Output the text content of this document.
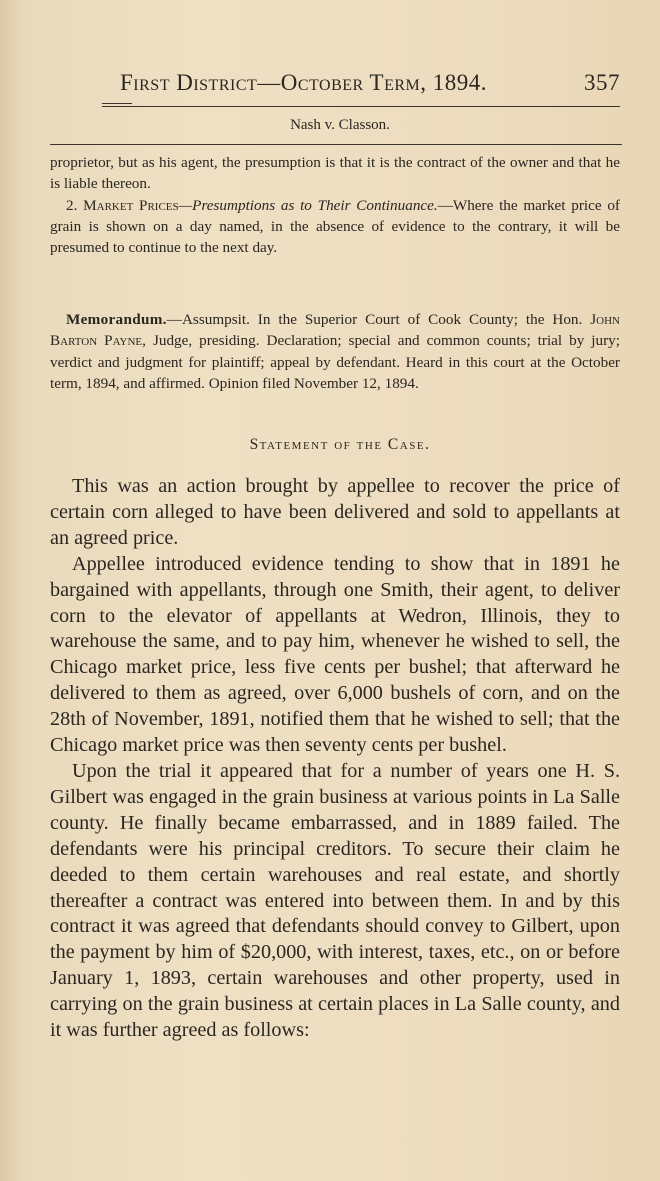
First District—October Term, 1894.	357
Nash v. Classon.

proprietor, but as his agent, the presumption is that it is the contract of the owner and that he is liable thereon.

2. Market Prices—Presumptions as to Their Continuance.—Where the market price of grain is shown on a day named, in the absence of evidence to the contrary, it will be presumed to continue to the next day.

Memorandum.—Assumpsit. In the Superior Court of Cook County; the Hon. John Barton Payne, Judge, presiding. Declaration; special and common counts; trial by jury; verdict and judgment for plaintiff; appeal by defendant. Heard in this court at the October term, 1894, and affirmed. Opinion filed November 12, 1894.

Statement of the Case.

This was an action brought by appellee to recover the price of certain corn alleged to have been delivered and sold to appellants at an agreed price.

Appellee introduced evidence tending to show that in 1891 he bargained with appellants, through one Smith, their agent, to deliver corn to the elevator of appellants at Wedron, Illinois, they to warehouse the same, and to pay him, whenever he wished to sell, the Chicago market price, less five cents per bushel; that afterward he delivered to them as agreed, over 6,000 bushels of corn, and on the 28th of November, 1891, notified them that he wished to sell; that the Chicago market price was then seventy cents per bushel.

Upon the trial it appeared that for a number of years one H. S. Gilbert was engaged in the grain business at various points in La Salle county. He finally became embarrassed, and in 1889 failed. The defendants were his principal creditors. To secure their claim he deeded to them certain warehouses and real estate, and shortly thereafter a contract was entered into between them. In and by this contract it was agreed that defendants should convey to Gilbert, upon the payment by him of $20,000, with interest, taxes, etc., on or before January 1, 1893, certain warehouses and other property, used in carrying on the grain business at certain places in La Salle county, and it was further agreed as follows:
